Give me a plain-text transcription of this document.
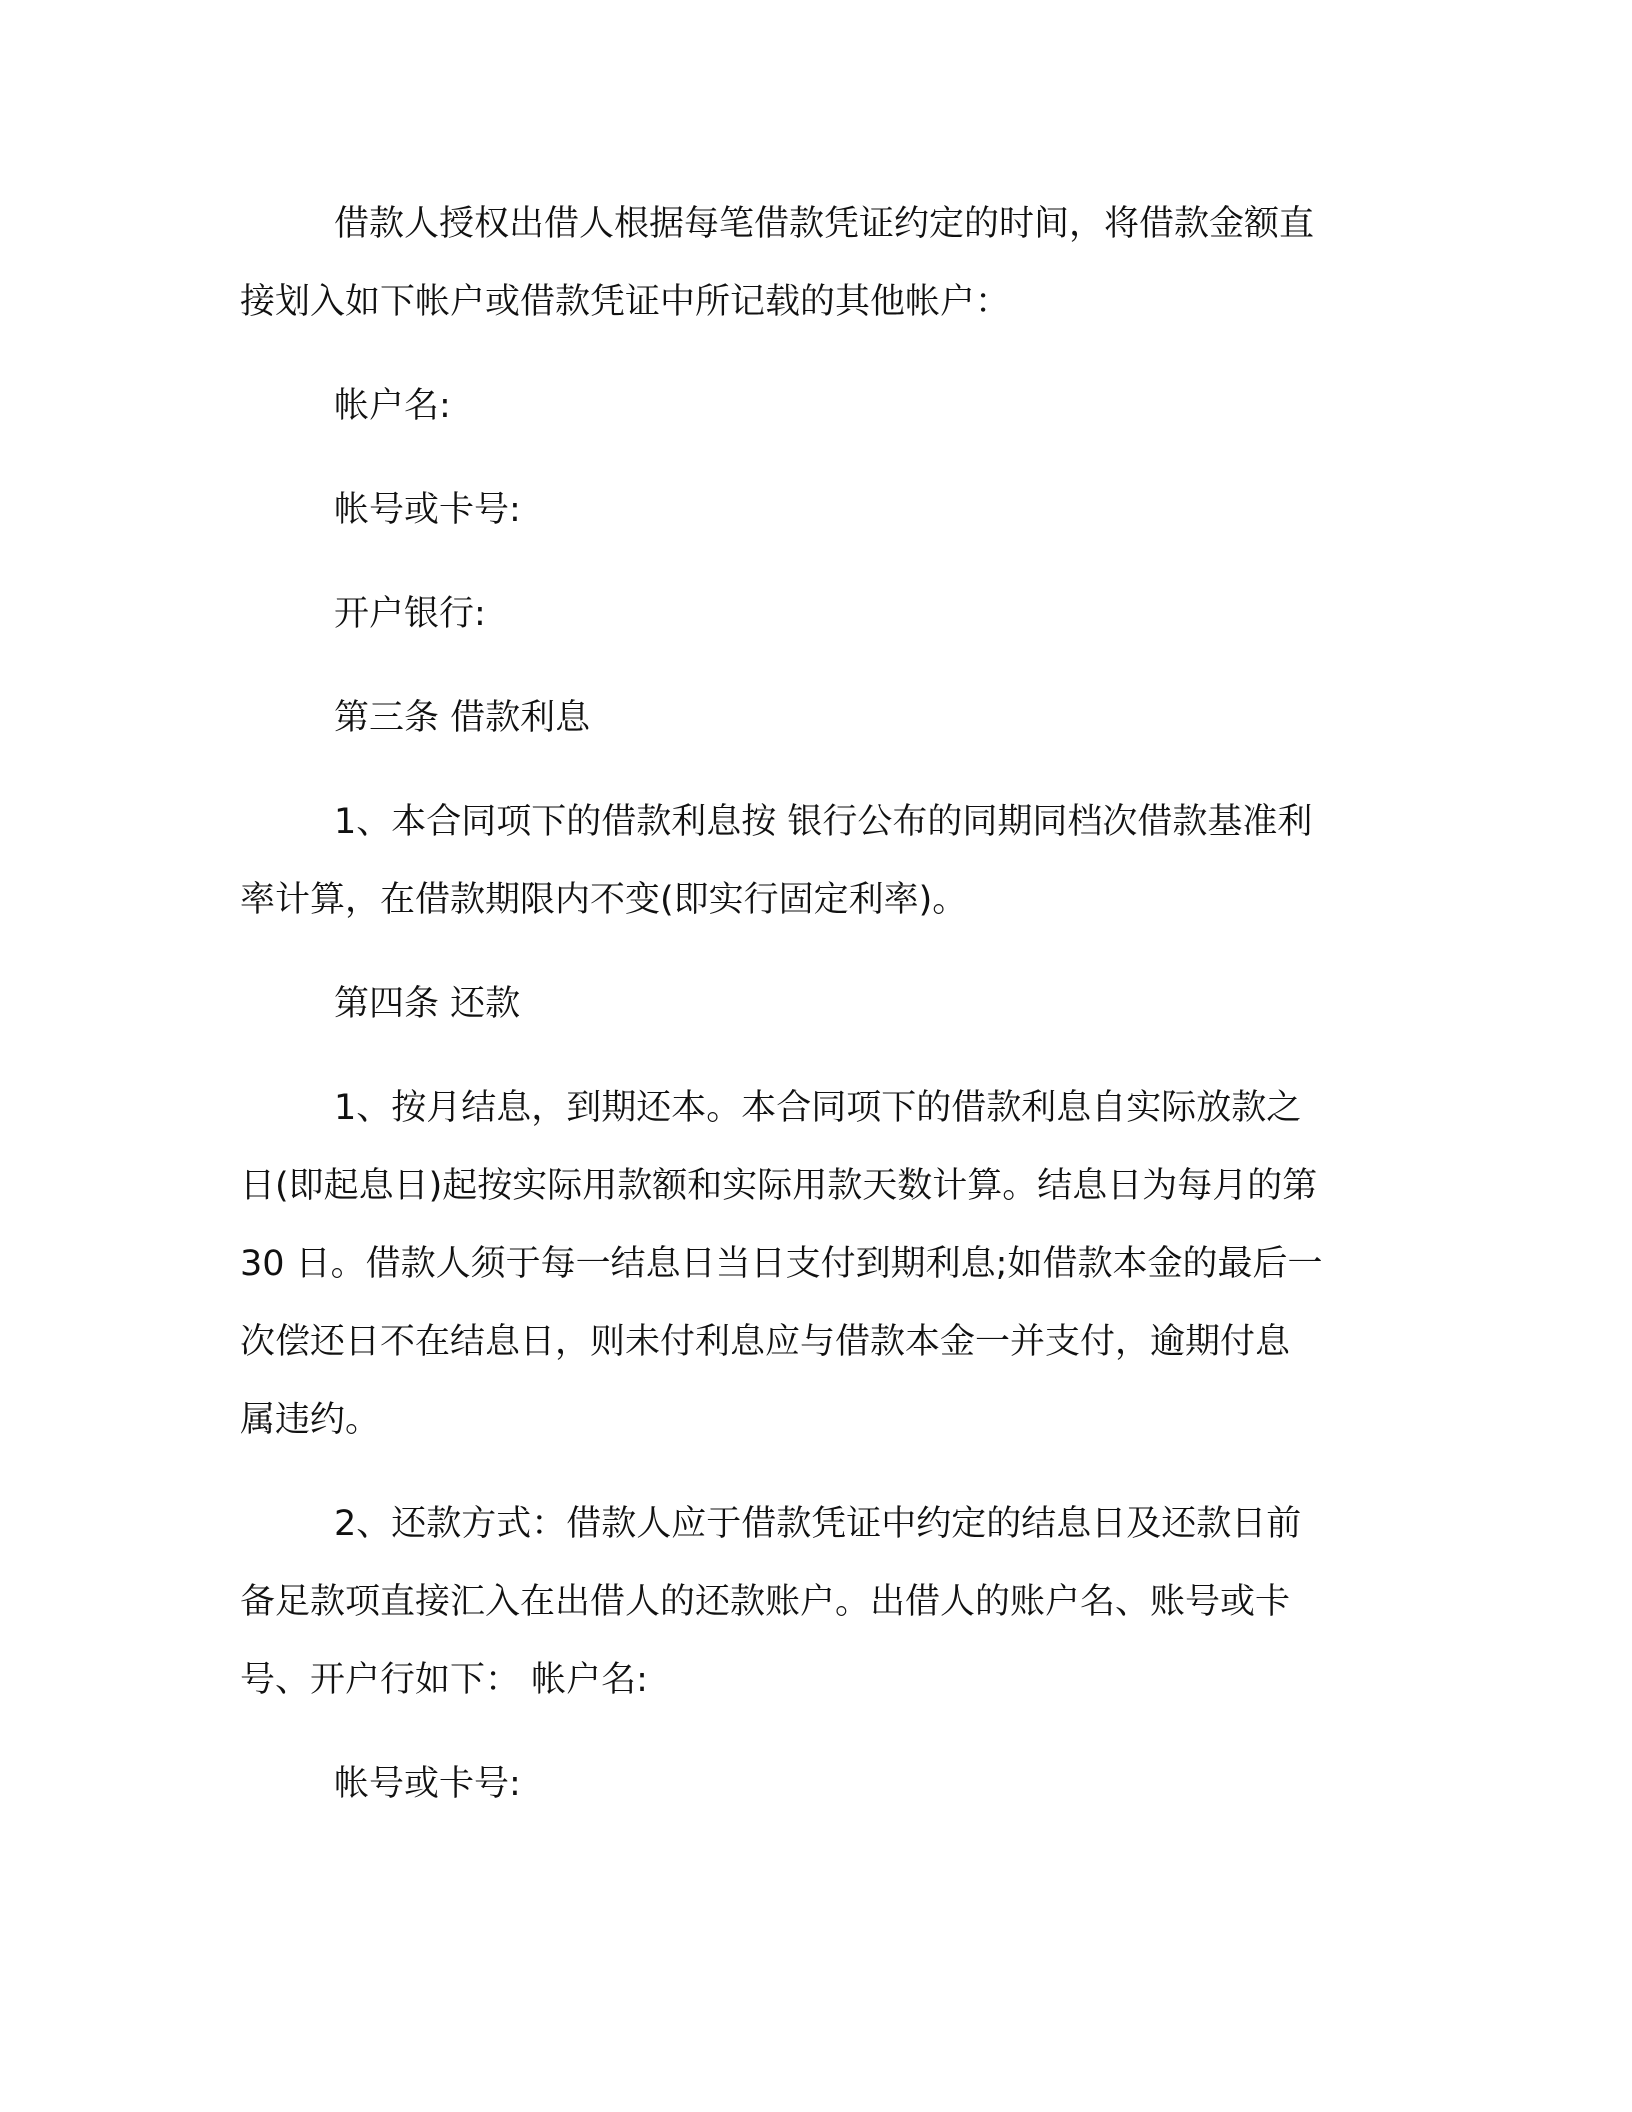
借款人授权出借人根据每笔借款凭证约定的时间，将借款金额直
接划入如下帐户或借款凭证中所记载的其他帐户：

帐户名:

帐号或卡号:

开户银行:

第三条 借款利息

1、本合同项下的借款利息按 银行公布的同期同档次借款基准利
率计算，在借款期限内不变(即实行固定利率)。

第四条 还款

1、按月结息，到期还本。本合同项下的借款利息自实际放款之
日(即起息日)起按实际用款额和实际用款天数计算。结息日为每月的第
30 日。借款人须于每一结息日当日支付到期利息;如借款本金的最后一
次偿还日不在结息日，则未付利息应与借款本金一并支付，逾期付息
属违约。

2、还款方式：借款人应于借款凭证中约定的结息日及还款日前
备足款项直接汇入在出借人的还款账户。出借人的账户名、账号或卡
号、开户行如下： 帐户名:

帐号或卡号:
